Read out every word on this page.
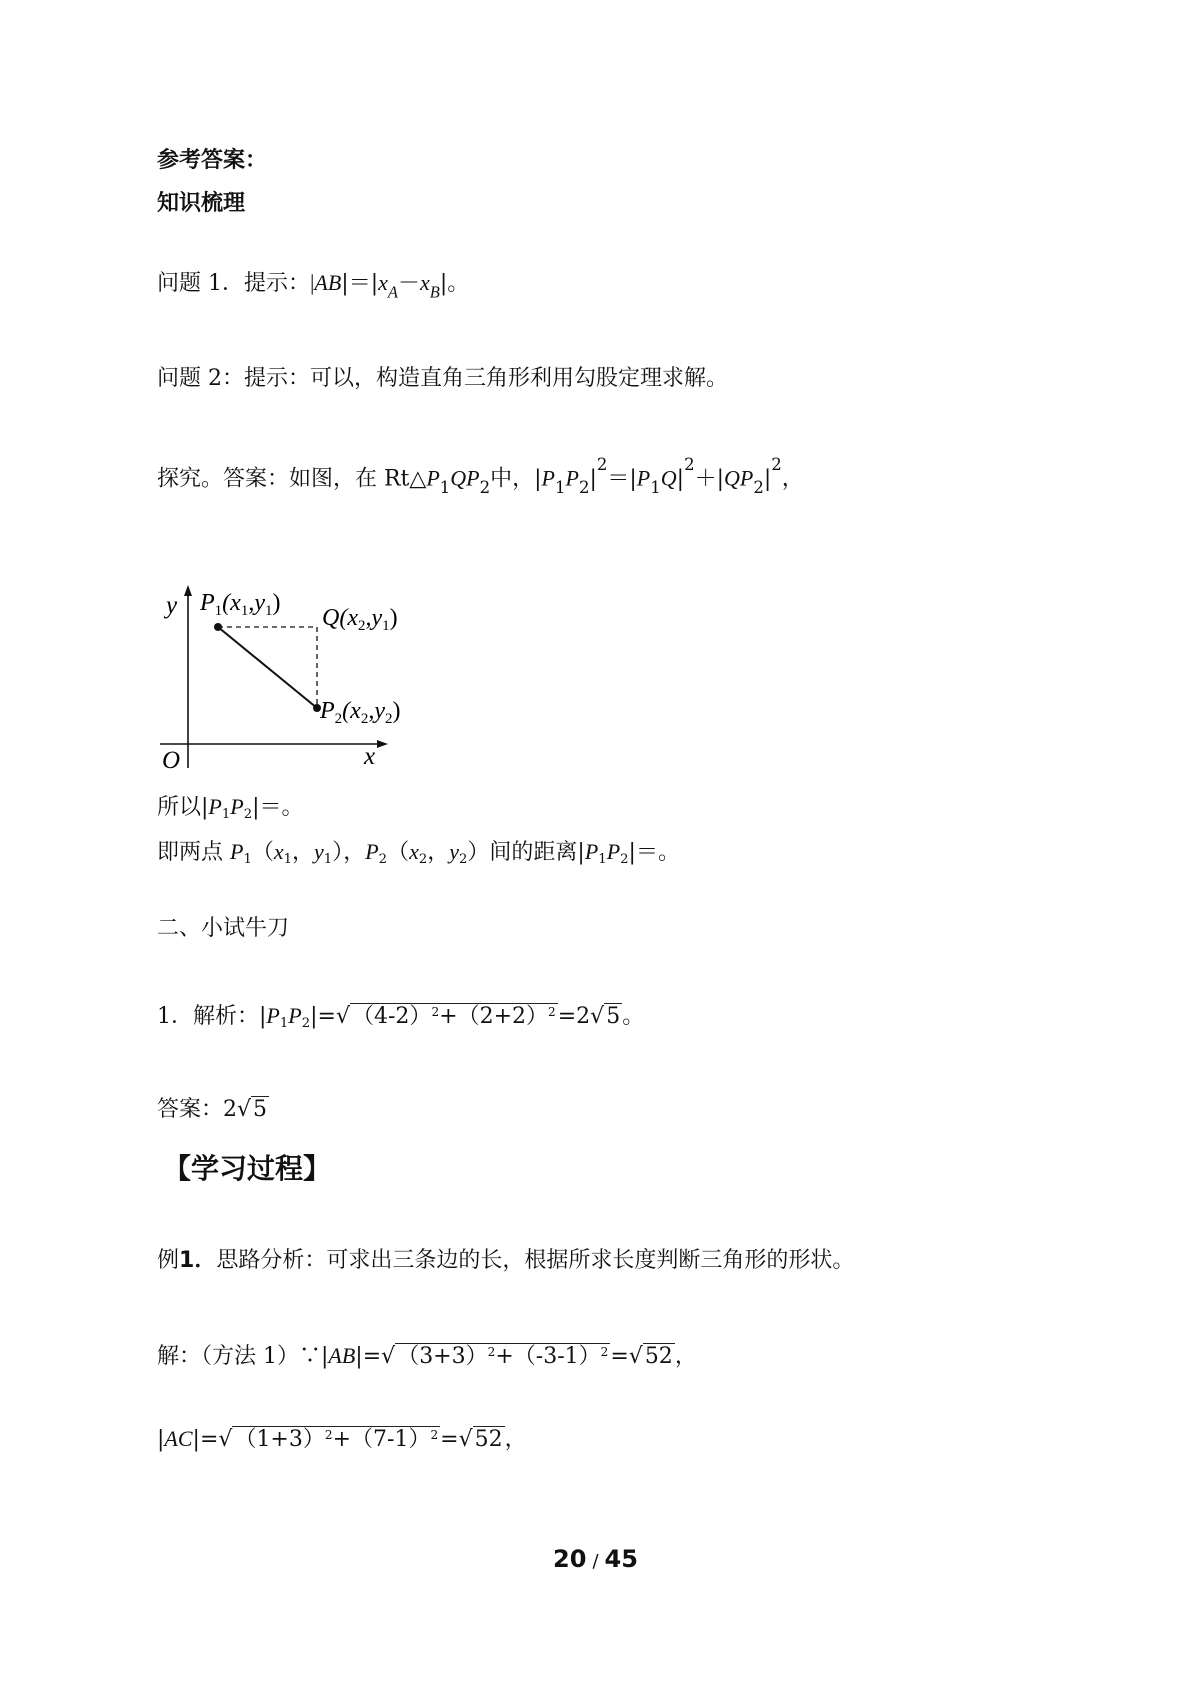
参考答案：
知识梳理
问题 1．提示：$|AB|=|x_A-x_B|$。
问题 2：提示：可以，构造直角三角形利用勾股定理求解。
探究。答案：如图，在 $Rt\triangle P_1QP_2$中，$|P_1P_2|^2=|P_1Q|^2+|QP_2|^2$，
y
x
O
$P_1(x_1,y_1)$
$Q(x_2,y_1)$
$P_2(x_2,y_2)$
所以$|P_1P_2|=$。
即两点 $P_1(x_1$，$y_1$），$P_2(x_2$，$y_2$）间的距离$|P_1P_2|=$。
二、小试牛刀
1．解析：$|P_1P_2|=√(4-2)^2+(2+2)^2=2√5$。
答案：2√5
【学习过程】
例1．思路分析：可求出三条边的长，根据所求长度判断三角形的形状。
解：（方法 $1)\because|AB|=√(3+3)^2+(-3-1)^2=√52$，
$|AC|=√(1+3)^2+(7-1)^2=√52$，
20 / 45
